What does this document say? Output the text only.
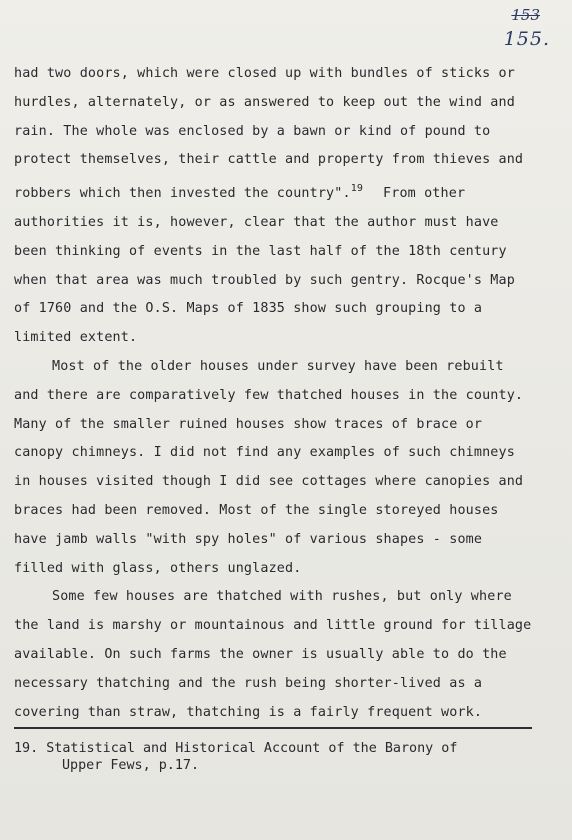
153
155.
had two doors, which were closed up with bundles of sticks or
hurdles, alternately, or as answered to keep out the wind and
rain. The whole was enclosed by a bawn or kind of pound to
protect themselves, their cattle and property from thieves and
robbers which then invested the country".$^{19}$ From other
authorities it is, however, clear that the author must have
been thinking of events in the last half of the 18th century
when that area was much troubled by such gentry. Rocque's Map
of 1760 and the O.S. Maps of 1835 show such grouping to a
limited extent.
Most of the older houses under survey have been rebuilt
and there are comparatively few thatched houses in the county.
Many of the smaller ruined houses show traces of brace or
canopy chimneys. I did not find any examples of such chimneys
in houses visited though I did see cottages where canopies and
braces had been removed. Most of the single storeyed houses
have jamb walls "with spy holes" of various shapes - some
filled with glass, others unglazed.
Some few houses are thatched with rushes, but only where
the land is marshy or mountainous and little ground for tillage
available. On such farms the owner is usually able to do the
necessary thatching and the rush being shorter-lived as a
covering than straw, thatching is a fairly frequent work.
19. Statistical and Historical Account of the Barony of
Upper Fews, p.17.
